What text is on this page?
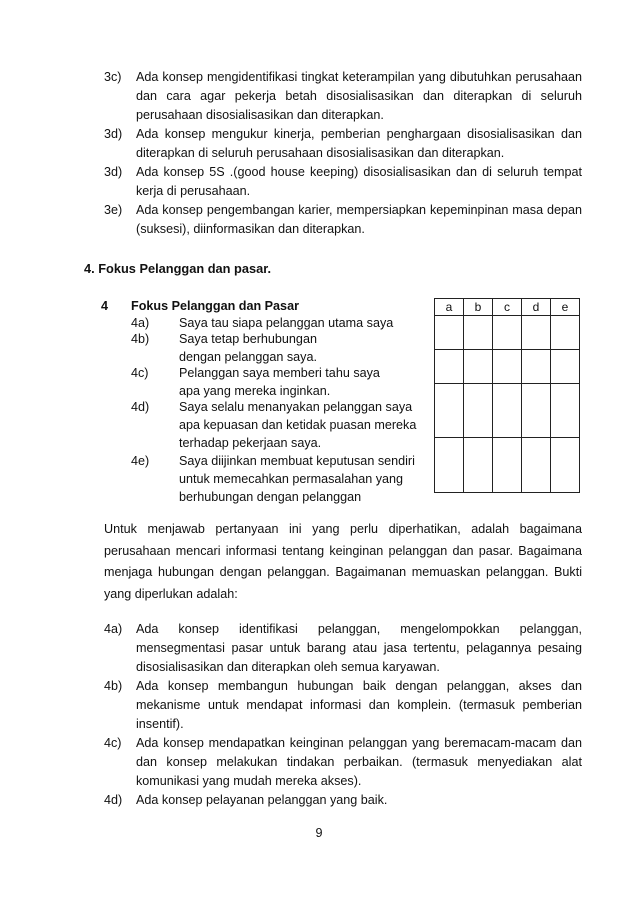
3c) Ada konsep mengidentifikasi tingkat keterampilan yang dibutuhkan perusahaan dan cara agar pekerja betah disosialisasikan dan diterapkan di seluruh perusahaan disosialisasikan dan diterapkan.
3d) Ada konsep mengukur kinerja, pemberian penghargaan disosialisasikan dan diterapkan di seluruh perusahaan disosialisasikan dan diterapkan.
3d) Ada konsep 5S .(good house keeping) disosialisasikan dan di seluruh tempat kerja di perusahaan.
3e) Ada konsep pengembangan karier, mempersiapkan kepeminpinan masa depan (suksesi), diinformasikan dan diterapkan.
4. Fokus Pelanggan dan pasar.
4 Fokus Pelanggan dan Pasar
4a) Saya tau siapa pelanggan utama saya
4b) Saya tetap berhubungan dengan pelanggan saya.
4c) Pelanggan saya memberi tahu saya apa yang mereka inginkan.
4d) Saya selalu menanyakan pelanggan saya apa kepuasan dan ketidak puasan mereka terhadap pekerjaan saya.
4e) Saya diijinkan membuat keputusan sendiri untuk memecahkan permasalahan yang berhubungan dengan pelanggan
a	b	c	d	e

Untuk menjawab pertanyaan ini yang perlu diperhatikan, adalah bagaimana perusahaan mencari informasi tentang keinginan pelanggan dan pasar. Bagaimana menjaga hubungan dengan pelanggan. Bagaimanan memuaskan pelanggan. Bukti yang diperlukan adalah:

4a) Ada konsep identifikasi pelanggan, mengelompokkan pelanggan, mensegmentasi pasar untuk barang atau jasa tertentu, pelagannya pesaing disosialisasikan dan diterapkan oleh semua karyawan.
4b) Ada konsep membangun hubungan baik dengan pelanggan, akses dan mekanisme untuk mendapat informasi dan komplein. (termasuk pemberian insentif).
4c) Ada konsep mendapatkan keinginan pelanggan yang beremacam-macam dan dan konsep melakukan tindakan perbaikan. (termasuk menyediakan alat komunikasi yang mudah mereka akses).
4d) Ada konsep pelayanan pelanggan yang baik.
9
